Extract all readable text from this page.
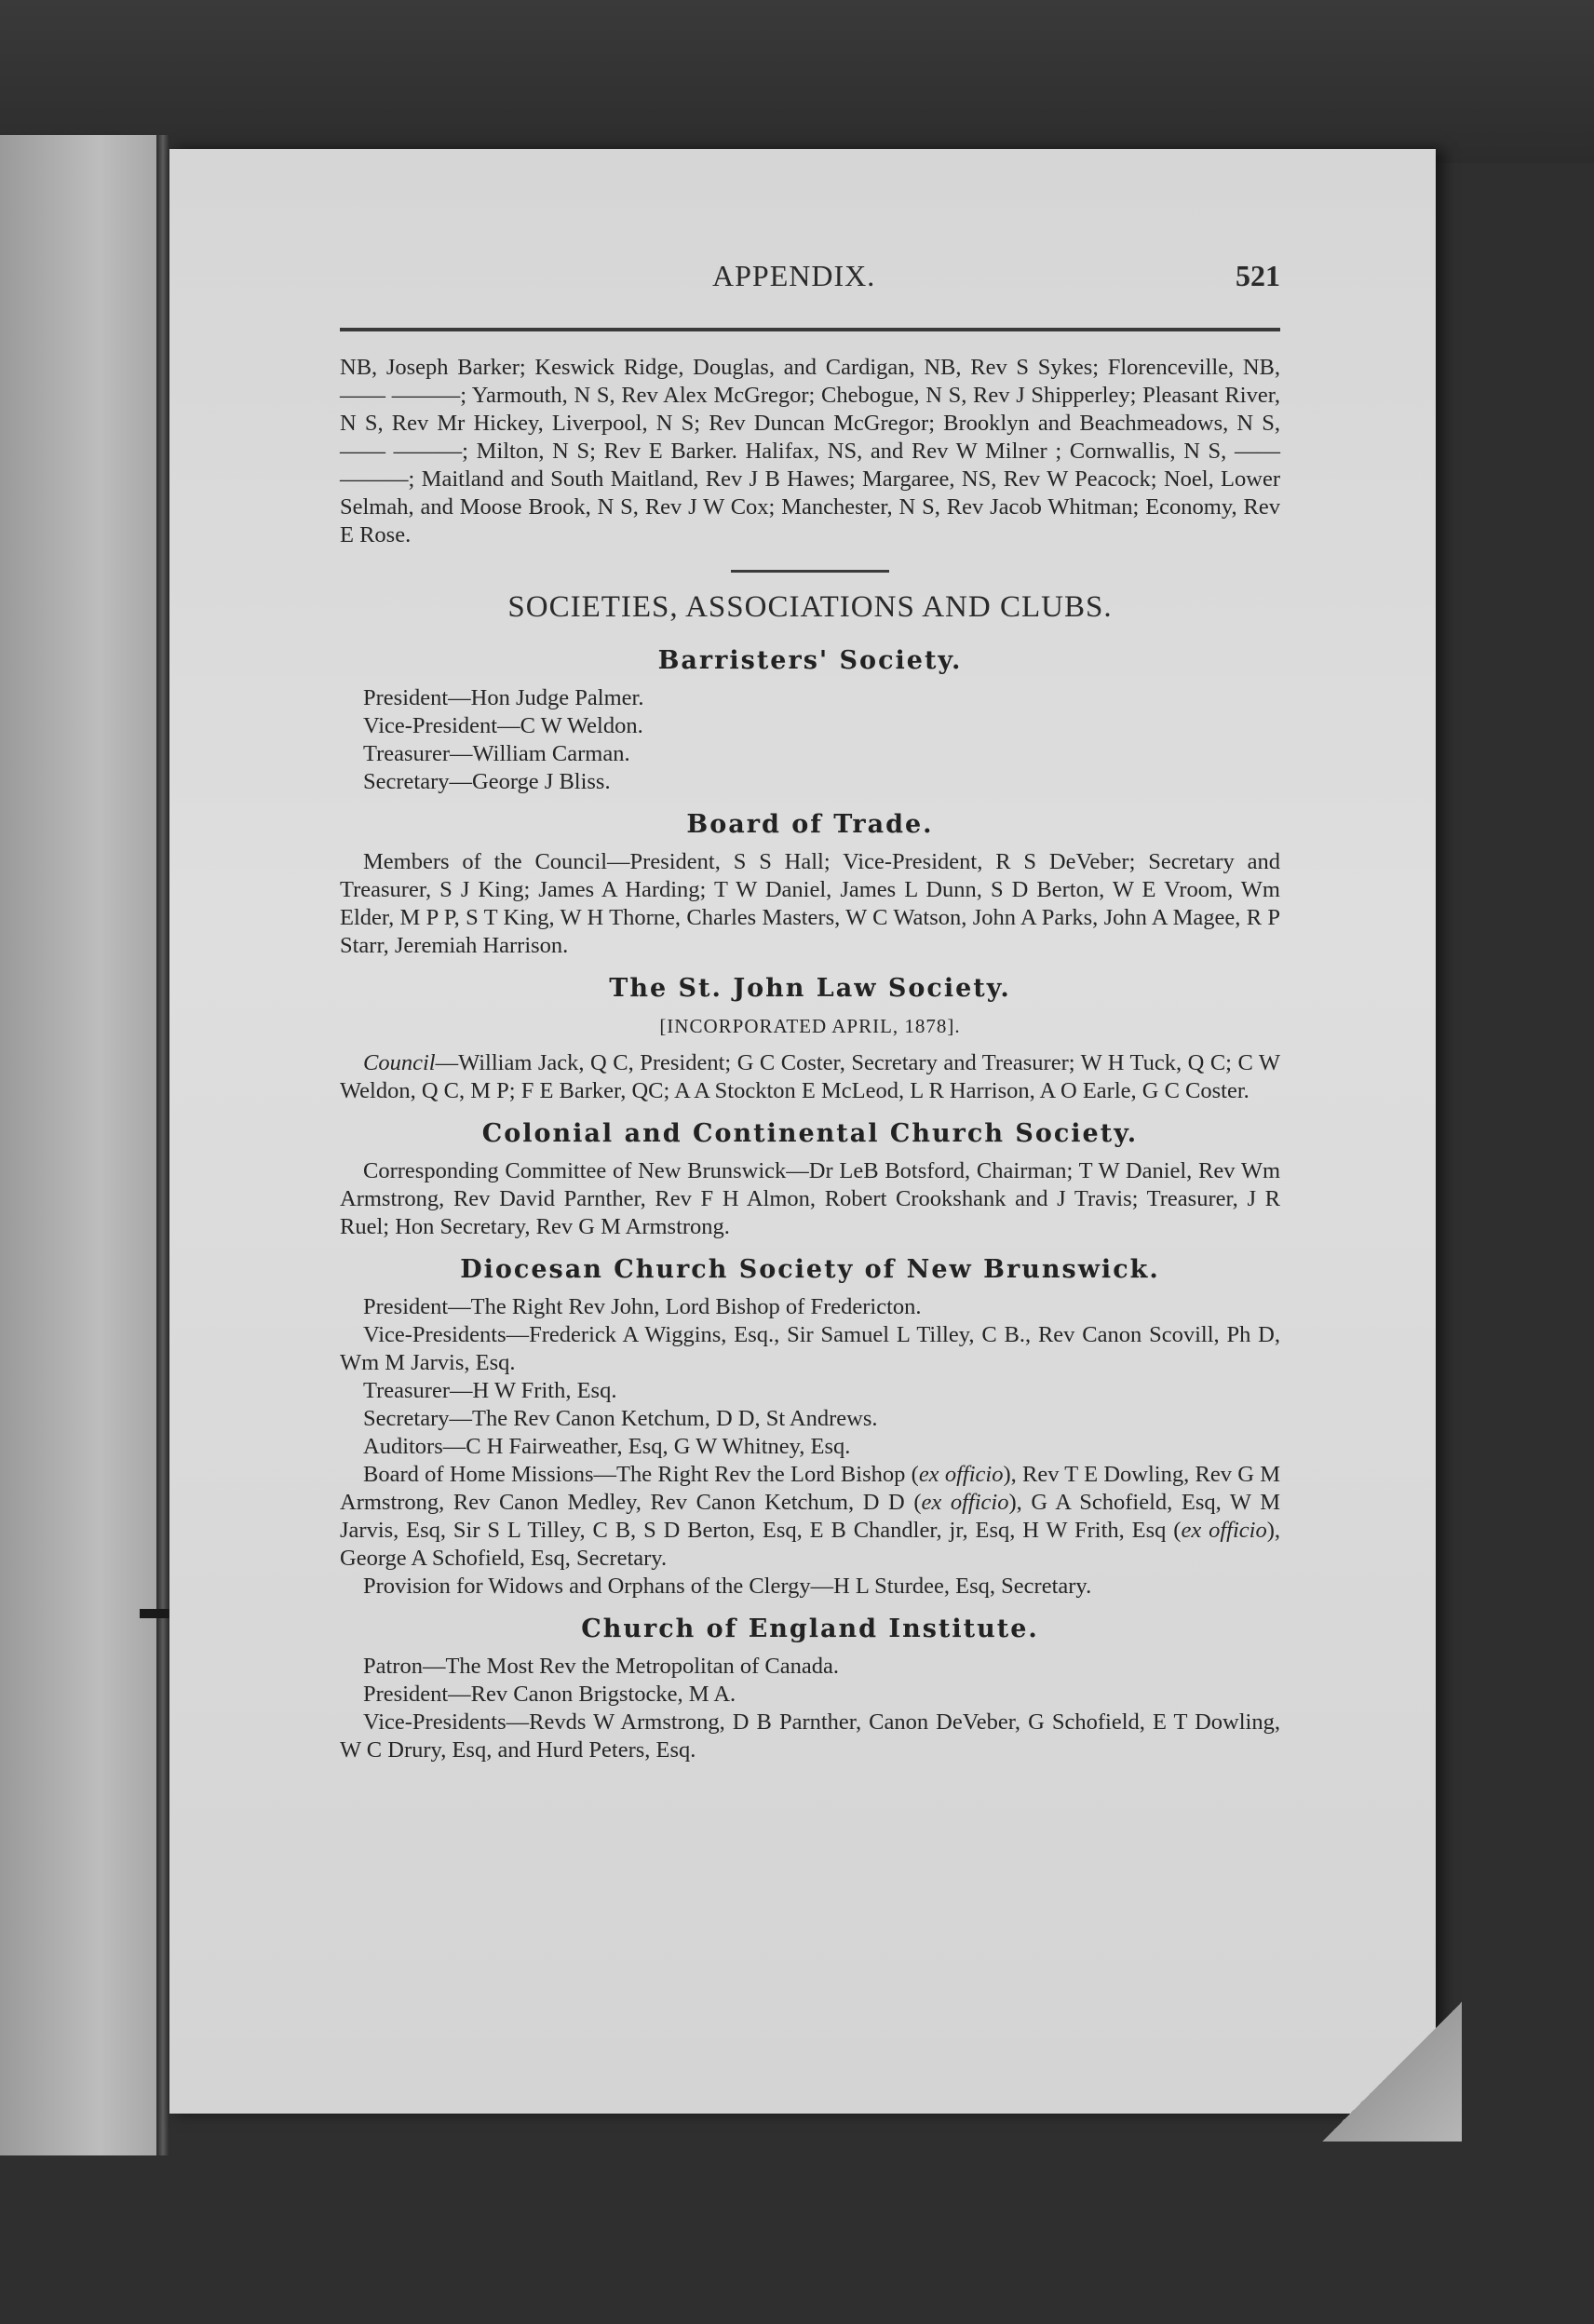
APPENDIX.	521

NB, Joseph Barker; Keswick Ridge, Douglas, and Cardigan, NB, Rev S Sykes; Florenceville, NB, —— ———; Yarmouth, N S, Rev Alex McGregor; Chebogue, N S, Rev J Shipperley; Pleasant River, N S, Rev Mr Hickey, Liverpool, N S; Rev Duncan McGregor; Brooklyn and Beachmeadows, N S, —— ———; Milton, N S; Rev E Barker. Halifax, NS, and Rev W Milner ; Cornwallis, N S, —— ———; Maitland and South Maitland, Rev J B Hawes; Margaree, NS, Rev W Peacock; Noel, Lower Selmah, and Moose Brook, N S, Rev J W Cox; Manchester, N S, Rev Jacob Whitman; Economy, Rev E Rose.

SOCIETIES, ASSOCIATIONS AND CLUBS.
Barristers' Society.
President—Hon Judge Palmer.
Vice-President—C W Weldon.
Treasurer—William Carman.
Secretary—George J Bliss.
Board of Trade.

Members of the Council—President, S S Hall; Vice-President, R S DeVeber; Secretary and Treasurer, S J King; James A Harding; T W Daniel, James L Dunn, S D Berton, W E Vroom, Wm Elder, M P P, S T King, W H Thorne, Charles Masters, W C Watson, John A Parks, John A Magee, R P Starr, Jeremiah Harrison.

The St. John Law Society.
[INCORPORATED APRIL, 1878].

Council—William Jack, Q C, President; G C Coster, Secretary and Treasurer; W H Tuck, Q C; C W Weldon, Q C, M P; F E Barker, QC; A A Stockton E McLeod, L R Harrison, A O Earle, G C Coster.

Colonial and Continental Church Society.

Corresponding Committee of New Brunswick—Dr LeB Botsford, Chairman; T W Daniel, Rev Wm Armstrong, Rev David Parnther, Rev F H Almon, Robert Crookshank and J Travis; Treasurer, J R Ruel; Hon Secretary, Rev G M Armstrong.

Diocesan Church Society of New Brunswick.
President—The Right Rev John, Lord Bishop of Fredericton.

Vice-Presidents—Frederick A Wiggins, Esq., Sir Samuel L Tilley, C B., Rev Canon Scovill, Ph D, Wm M Jarvis, Esq.

Treasurer—H W Frith, Esq.
Secretary—The Rev Canon Ketchum, D D, St Andrews.
Auditors—C H Fairweather, Esq, G W Whitney, Esq.

Board of Home Missions—The Right Rev the Lord Bishop (ex officio), Rev T E Dowling, Rev G M Armstrong, Rev Canon Medley, Rev Canon Ketchum, D D (ex officio), G A Schofield, Esq, W M Jarvis, Esq, Sir S L Tilley, C B, S D Berton, Esq, E B Chandler, jr, Esq, H W Frith, Esq (ex officio), George A Schofield, Esq, Secretary.

Provision for Widows and Orphans of the Clergy—H L Sturdee, Esq, Secretary.

Church of England Institute.
Patron—The Most Rev the Metropolitan of Canada.
President—Rev Canon Brigstocke, M A.

Vice-Presidents—Revds W Armstrong, D B Parnther, Canon DeVeber, G Schofield, E T Dowling, W C Drury, Esq, and Hurd Peters, Esq.
